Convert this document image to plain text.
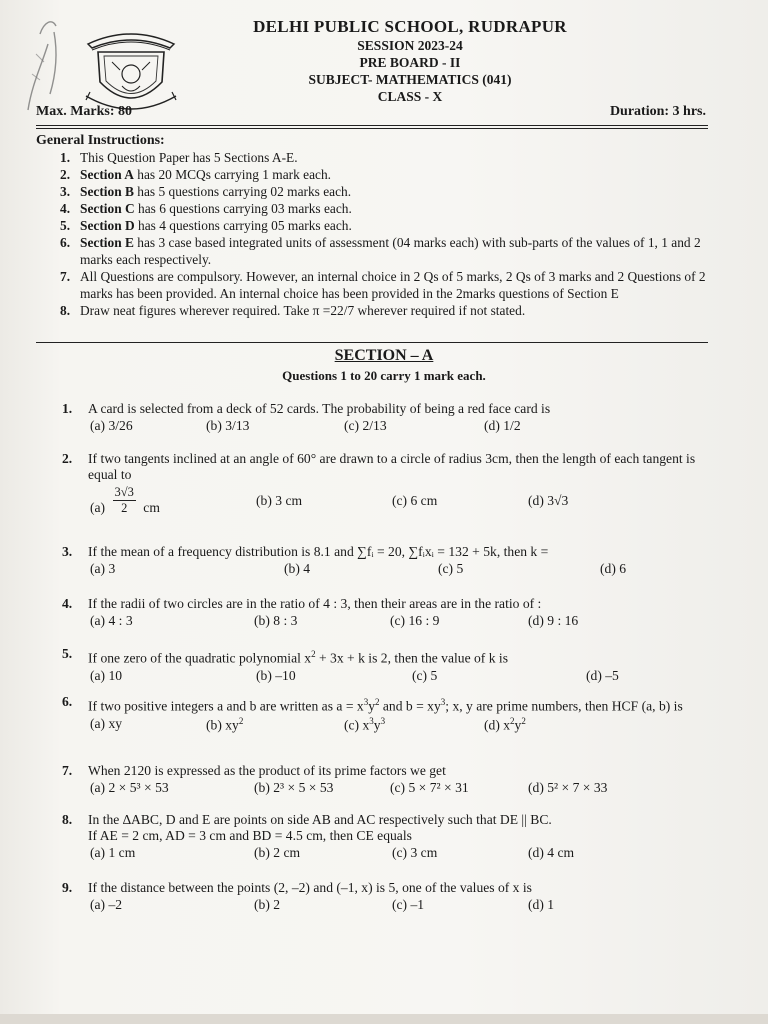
DELHI PUBLIC SCHOOL, RUDRAPUR
SESSION 2023-24
PRE BOARD - II
SUBJECT- MATHEMATICS (041)
CLASS - X
Max. Marks: 80	Duration: 3 hrs.
General Instructions:
1. This Question Paper has 5 Sections A-E.
2. Section A has 20 MCQs carrying 1 mark each.
3. Section B has 5 questions carrying 02 marks each.
4. Section C has 6 questions carrying 03 marks each.
5. Section D has 4 questions carrying 05 marks each.
6. Section E has 3 case based integrated units of assessment (04 marks each) with sub-parts of the values of 1, 1 and 2 marks each respectively.
7. All Questions are compulsory. However, an internal choice in 2 Qs of 5 marks, 2 Qs of 3 marks and 2 Questions of 2 marks has been provided. An internal choice has been provided in the 2marks questions of Section E
8. Draw neat figures wherever required. Take π =22/7 wherever required if not stated.
SECTION – A
Questions 1 to 20 carry 1 mark each.
1. A card is selected from a deck of 52 cards. The probability of being a red face card is
(a) 3/26	(b) 3/13	(c) 2/13	(d) 1/2
2. If two tangents inclined at an angle of 60° are drawn to a circle of radius 3cm, then the length of each tangent is equal to
$(a) \frac{3√3}{2}$ cm	(b) 3 cm	(c) 6 cm	(d) 3√3
3. If the mean of a frequency distribution is 8.1 and ∑fᵢ = 20, ∑fᵢxᵢ = 132 + 5k, then k =
(a) 3	(b) 4	(c) 5	(d) 6
4. If the radii of two circles are in the ratio of 4 : 3, then their areas are in the ratio of :
(a) 4 : 3	(b) 8 : 3	(c) 16 : 9	(d) 9 : 16
5. If one zero of the quadratic polynomial $x^2 + 3x + k$ is 2, then the value of k is
(a) 10	(b) –10	(c) 5	(d) –5
6. If two positive integers a and b are written as $a = x^3y^2$ and $b = xy^3$; x, y are prime numbers, then HCF (a, b) is
(a) xy	(b) $xy^2$	(c) $x^3y^3$	(d) $x^2y^2$
7. When 2120 is expressed as the product of its prime factors we get
(a) 2 × 5³ × 53	(b) 2³ × 5 × 53	(c) 5 × 7² × 31	(d) 5² × 7 × 33
8. In the ∆ABC, D and E are points on side AB and AC respectively such that DE || BC.
If AE = 2 cm, AD = 3 cm and BD = 4.5 cm, then CE equals
(a) 1 cm	(b) 2 cm	(c) 3 cm	(d) 4 cm
9. If the distance between the points (2, –2) and (–1, x) is 5, one of the values of x is
(a) –2	(b) 2	(c) –1	(d) 1
